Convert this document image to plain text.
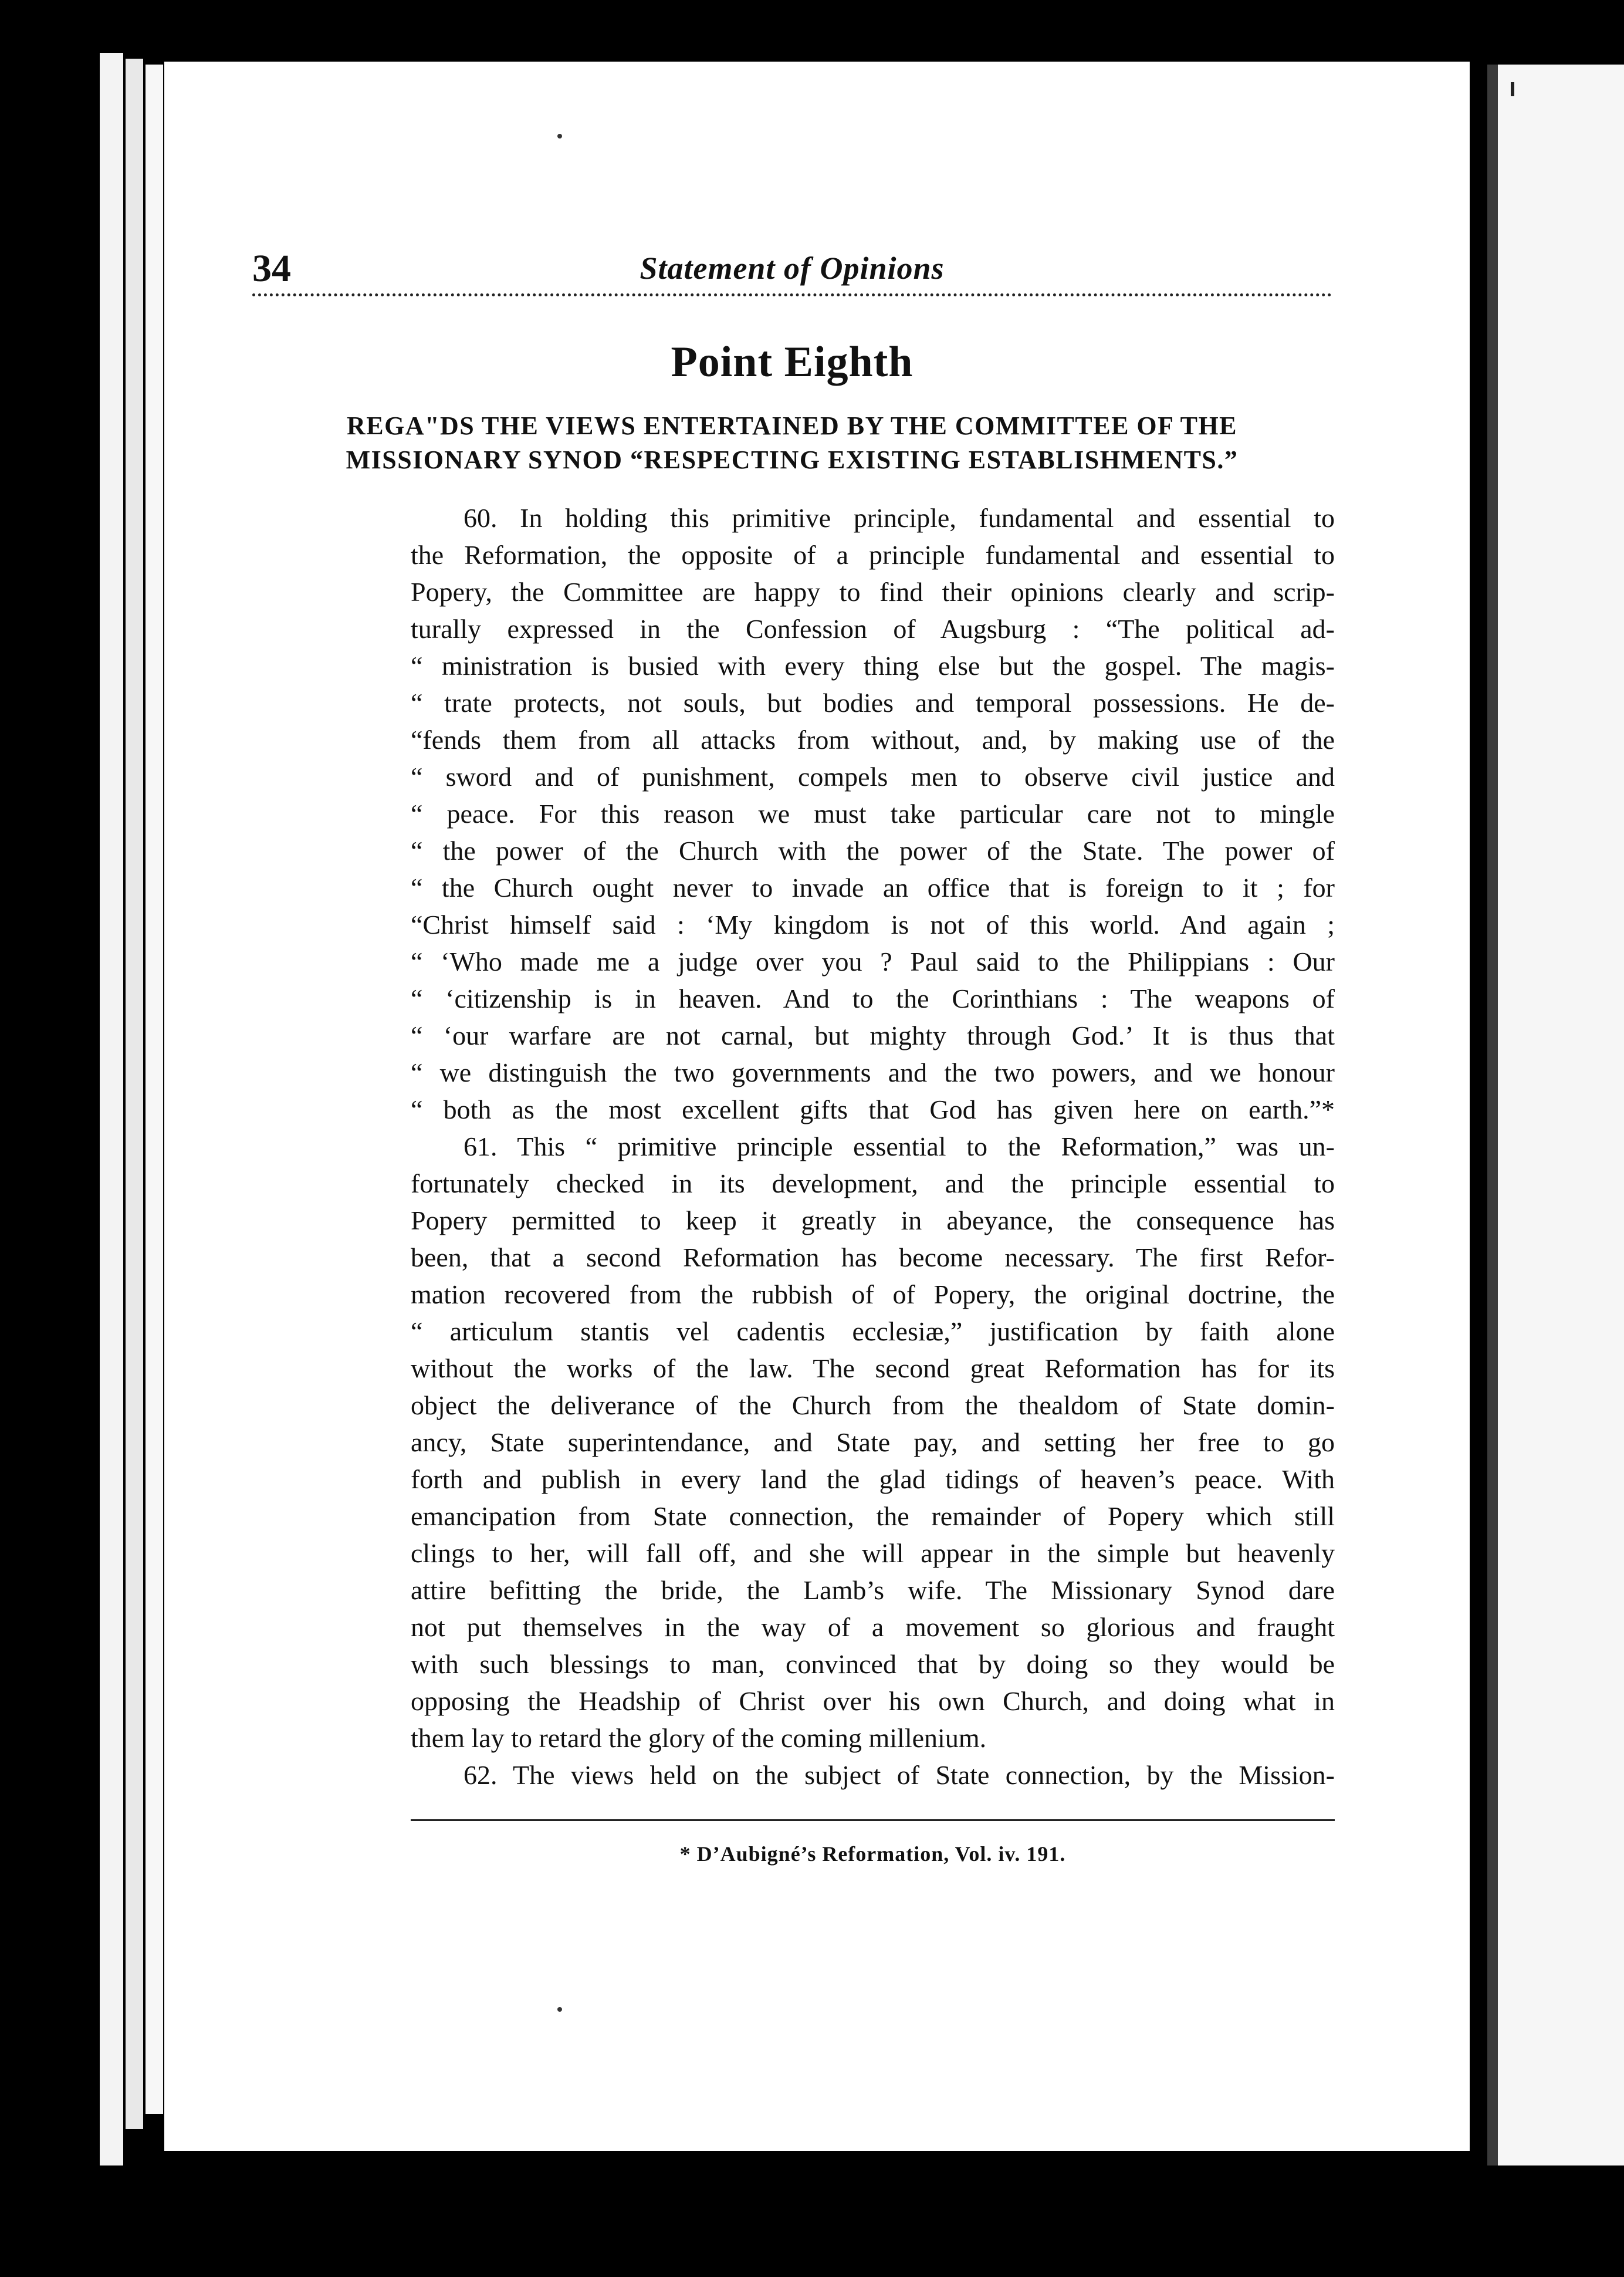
34	Statement of Opinions
Point Eighth
REGA"DS THE VIEWS ENTERTAINED BY THE COMMITTEE OF THE
MISSIONARY SYNOD “RESPECTING EXISTING ESTABLISHMENTS.”
60. In holding this primitive principle, fundamental and essential to
the Reformation, the opposite of a principle fundamental and essential to
Popery, the Committee are happy to find their opinions clearly and scrip-
turally expressed in the Confession of Augsburg : “The political ad-
“ ministration is busied with every thing else but the gospel. The magis-
“ trate protects, not souls, but bodies and temporal possessions. He de-
“fends them from all attacks from without, and, by making use of the
“ sword and of punishment, compels men to observe civil justice and
“ peace. For this reason we must take particular care not to mingle
“ the power of the Church with the power of the State. The power of
“ the Church ought never to invade an office that is foreign to it ; for
“Christ himself said : ‘My kingdom is not of this world. And again ;
“ ‘Who made me a judge over you ? Paul said to the Philippians : Our
“ ‘citizenship is in heaven. And to the Corinthians : The weapons of
“ ‘our warfare are not carnal, but mighty through God.’ It is thus that
“ we distinguish the two governments and the two powers, and we honour
“ both as the most excellent gifts that God has given here on earth.”*
61. This “ primitive principle essential to the Reformation,” was un-
fortunately checked in its development, and the principle essential to
Popery permitted to keep it greatly in abeyance, the consequence has
been, that a second Reformation has become necessary. The first Refor-
mation recovered from the rubbish of of Popery, the original doctrine, the
“ articulum stantis vel cadentis ecclesiæ,” justification by faith alone
without the works of the law. The second great Reformation has for its
object the deliverance of the Church from the thealdom of State domin-
ancy, State superintendance, and State pay, and setting her free to go
forth and publish in every land the glad tidings of heaven’s peace. With
emancipation from State connection, the remainder of Popery which still
clings to her, will fall off, and she will appear in the simple but heavenly
attire befitting the bride, the Lamb’s wife. The Missionary Synod dare
not put themselves in the way of a movement so glorious and fraught
with such blessings to man, convinced that by doing so they would be
opposing the Headship of Christ over his own Church, and doing what in
them lay to retard the glory of the coming millenium.
62. The views held on the subject of State connection, by the Mission-
* D’Aubigné’s Reformation, Vol. iv. 191.
